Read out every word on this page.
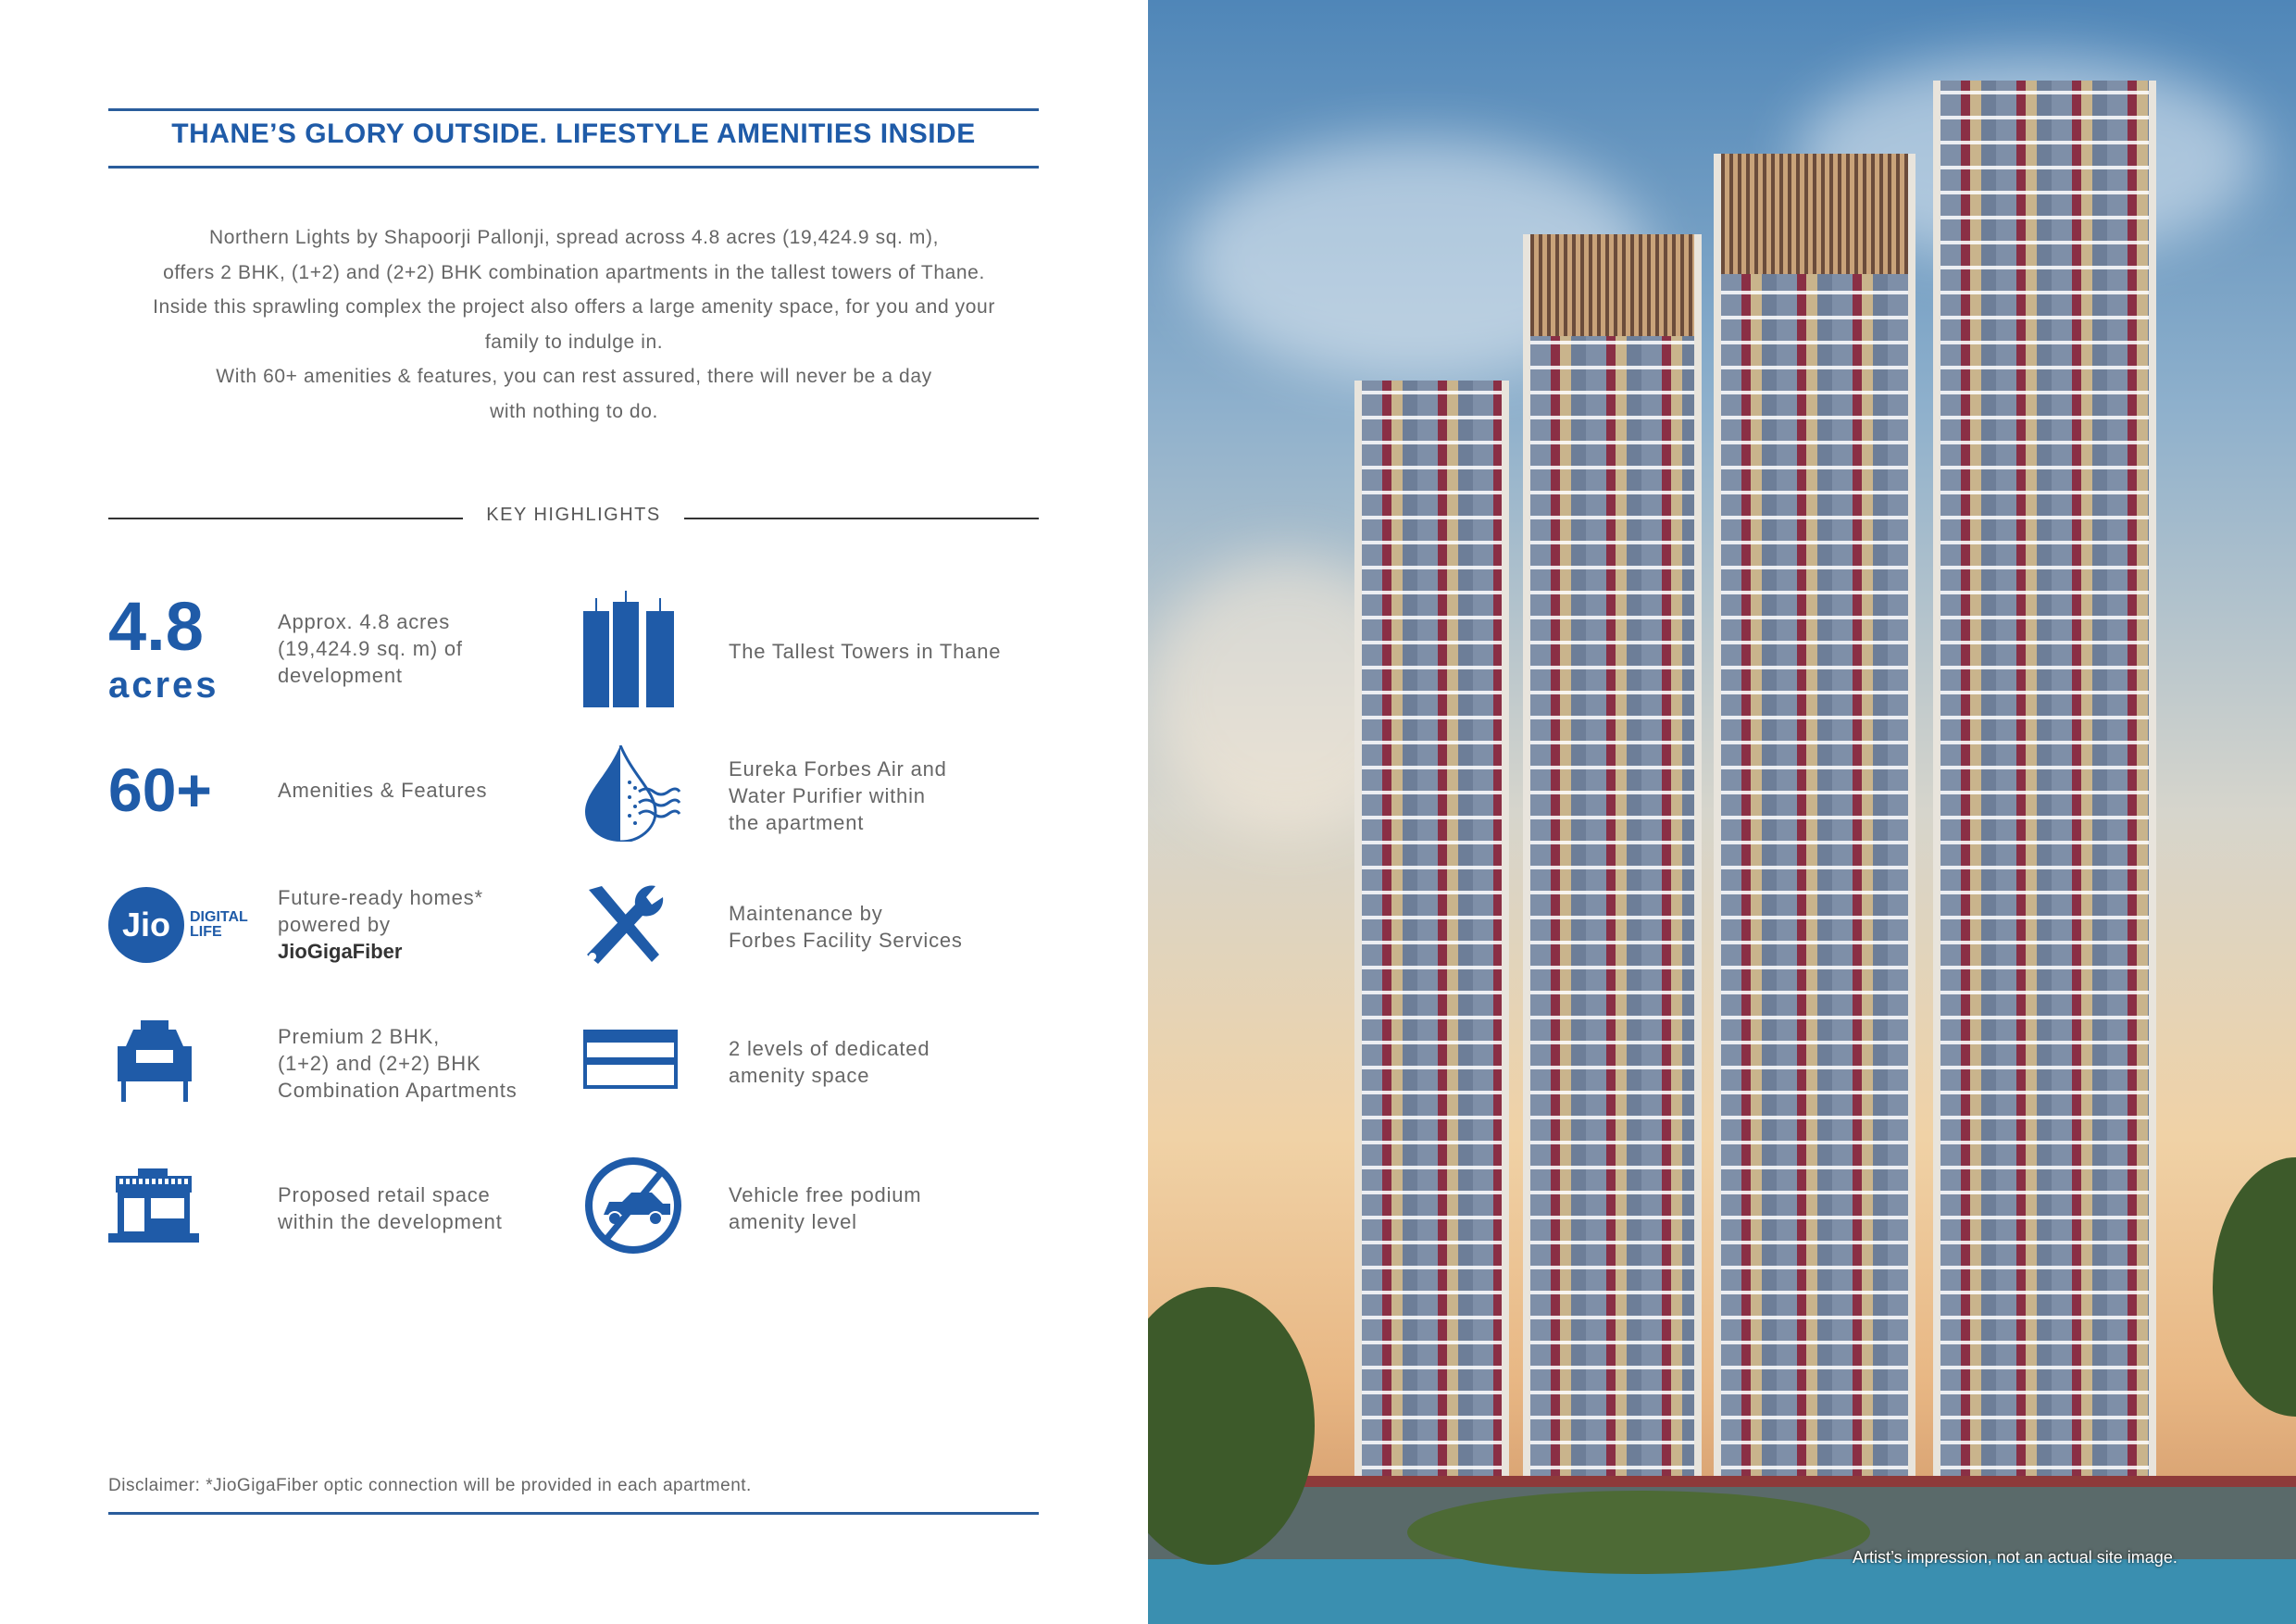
THANE’S GLORY OUTSIDE. LIFESTYLE AMENITIES INSIDE
Northern Lights by Shapoorji Pallonji, spread across 4.8 acres (19,424.9 sq. m),
offers 2 BHK, (1+2) and (2+2) BHK combination apartments in the tallest towers of Thane.
Inside this sprawling complex the project also offers a large amenity space, for you and your
family to indulge in.
With 60+ amenities & features, you can rest assured, there will never be a day
with nothing to do.
KEY HIGHLIGHTS
4.8
acres
Approx. 4.8 acres
(19,424.9 sq. m) of
development
60+	Amenities & Features
Jio	DIGITAL
LIFE
Future-ready homes*
powered by
JioGigaFiber
Premium 2 BHK,
(1+2) and (2+2) BHK
Combination Apartments
Proposed retail space
within the development
The Tallest Towers in Thane
Eureka Forbes Air and
Water Purifier within
the apartment
Maintenance by
Forbes Facility Services
2 levels of dedicated
amenity space
Vehicle free podium
amenity level
Disclaimer: *JioGigaFiber optic connection will be provided in each apartment.
Artist’s impression, not an actual site image.
